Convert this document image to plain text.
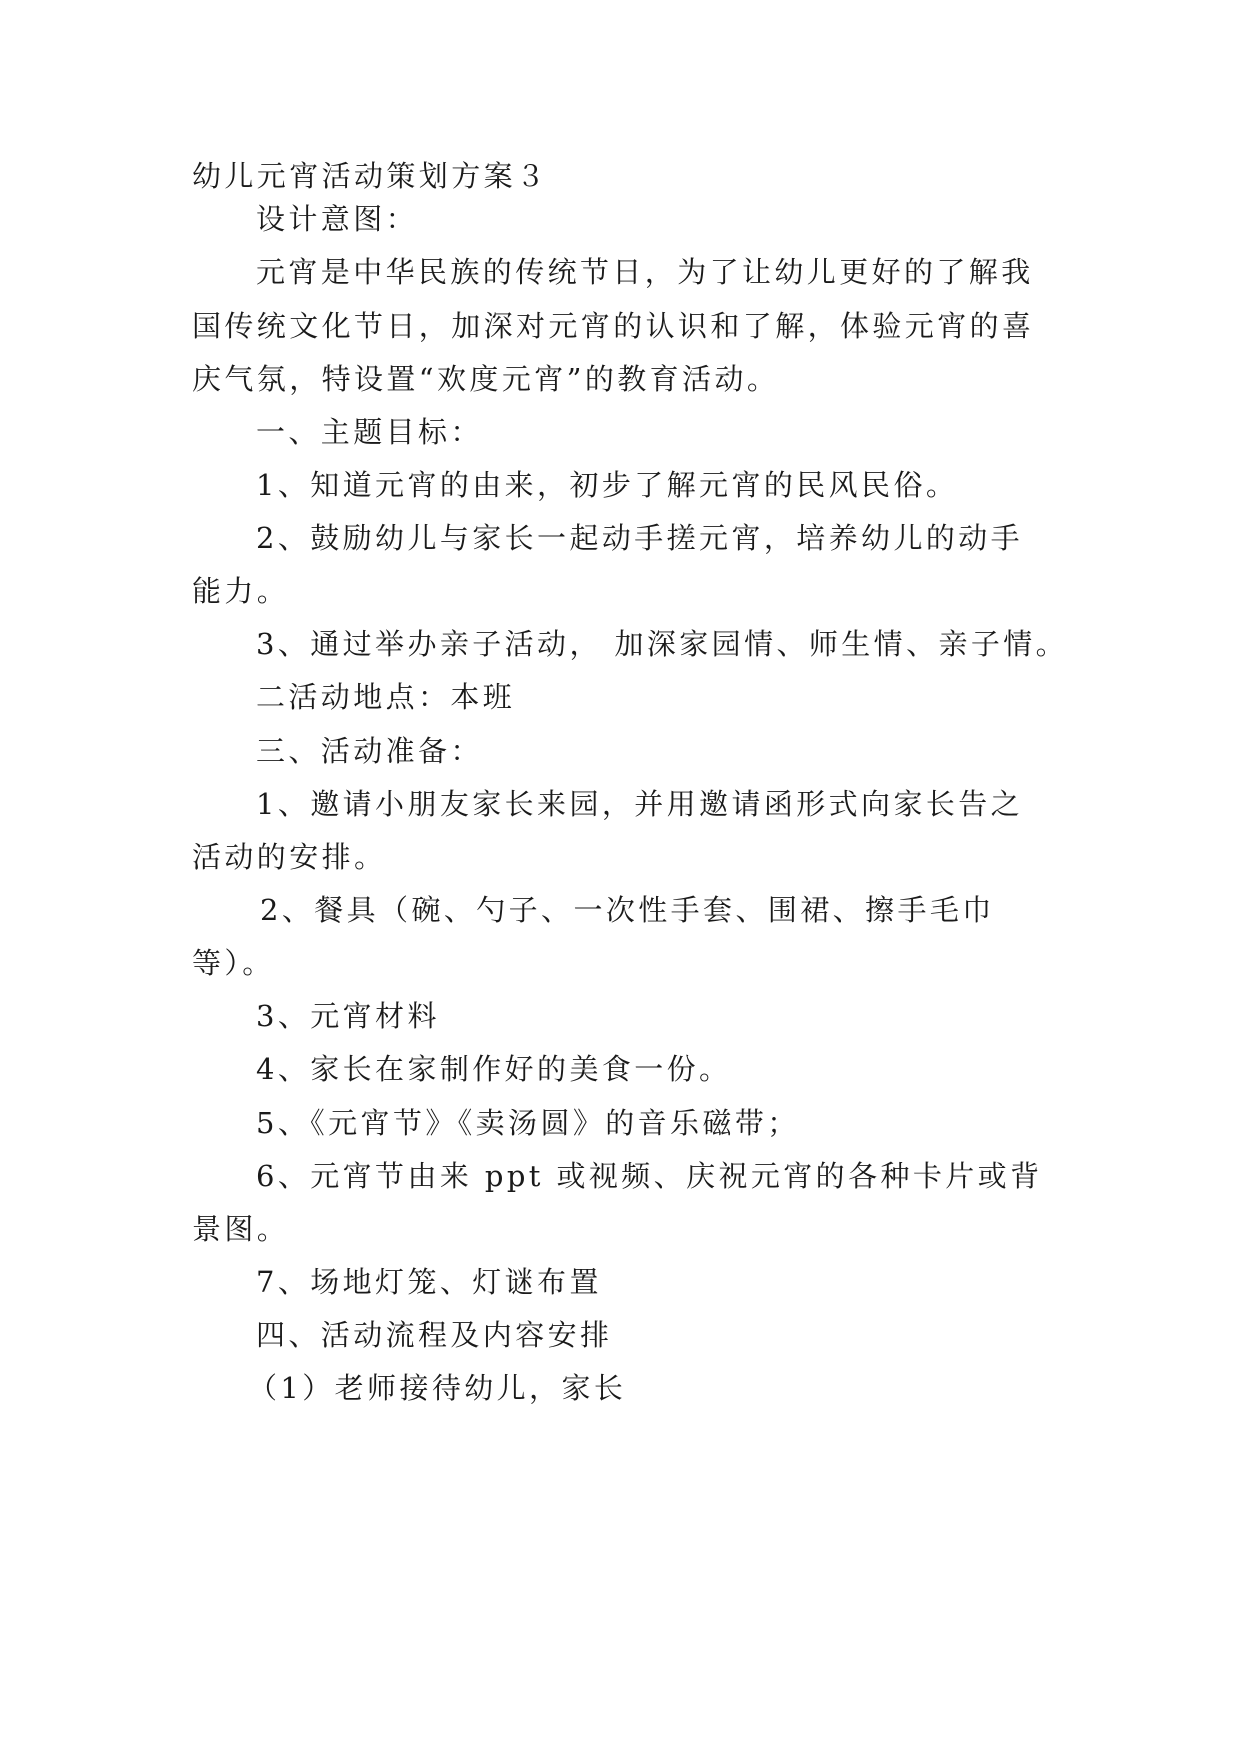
幼儿元宵活动策划方案３
设计意图：
元宵是中华民族的传统节日，为了让幼儿更好的了解我
国传统文化节日，加深对元宵的认识和了解，体验元宵的喜
庆气氛，特设置“欢度元宵”的教育活动。
一、主题目标：
1、知道元宵的由来，初步了解元宵的民风民俗。
2、鼓励幼儿与家长一起动手搓元宵，培养幼儿的动手
能力。
3、通过举办亲子活动， 加深家园情、师生情、亲子情。
二活动地点：本班
三、活动准备：
1、邀请小朋友家长来园，并用邀请函形式向家长告之
活动的安排。
2、餐具（碗、勺子、一次性手套、围裙、擦手毛巾
等）。
3、元宵材料
4、家长在家制作好的美食一份。
5、《元宵节》《卖汤圆》的音乐磁带；
6、元宵节由来 ppt 或视频、庆祝元宵的各种卡片或背
景图。
7、场地灯笼、灯谜布置
四、活动流程及内容安排
（1）老师接待幼儿，家长
